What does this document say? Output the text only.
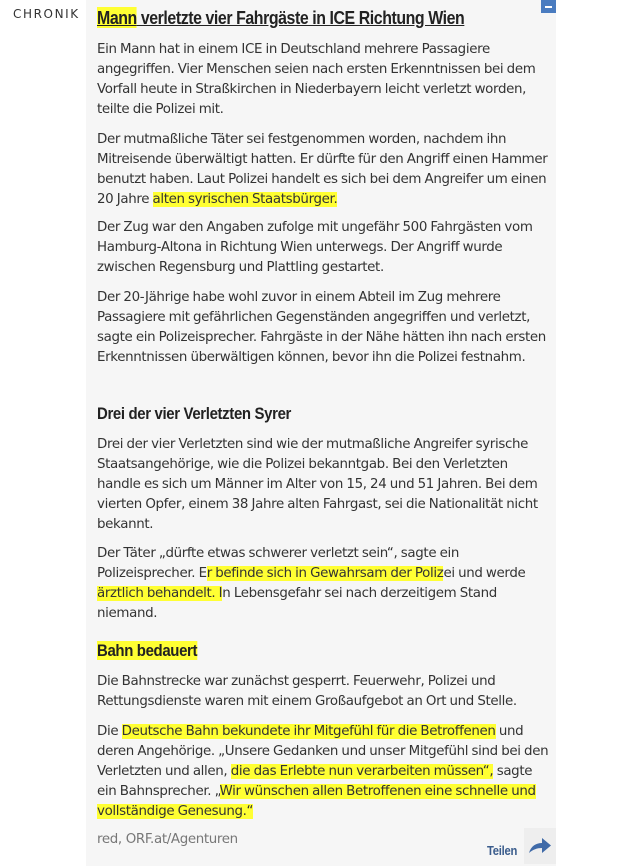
CHRONIK Mann verletzte vier Fahrgäste in ICE Richtung Wien

Ein Mann hat in einem ICE in Deutschland mehrere Passagiere angegriffen. Vier Menschen seien nach ersten Erkenntnissen bei dem Vorfall heute in Straßkirchen in Niederbayern leicht verletzt worden, teilte die Polizei mit.

Der mutmaßliche Täter sei festgenommen worden, nachdem ihn Mitreisende überwältigt hatten. Er dürfte für den Angriff einen Hammer benutzt haben. Laut Polizei handelt es sich bei dem Angreifer um einen 20 Jahre alten syrischen Staatsbürger.

Der Zug war den Angaben zufolge mit ungefähr 500 Fahrgästen vom Hamburg-Altona in Richtung Wien unterwegs. Der Angriff wurde zwischen Regensburg und Plattling gestartet.

Der 20-Jährige habe wohl zuvor in einem Abteil im Zug mehrere Passagiere mit gefährlichen Gegenständen angegriffen und verletzt, sagte ein Polizeisprecher. Fahrgäste in der Nähe hätten ihn nach ersten Erkenntnissen überwältigen können, bevor ihn die Polizei festnahm.

Drei der vier Verletzten Syrer

Drei der vier Verletzten sind wie der mutmaßliche Angreifer syrische Staatsangehörige, wie die Polizei bekanntgab. Bei den Verletzten handle es sich um Männer im Alter von 15, 24 und 51 Jahren. Bei dem vierten Opfer, einem 38 Jahre alten Fahrgast, sei die Nationalität nicht bekannt.

Der Täter „dürfte etwas schwerer verletzt sein“, sagte ein Polizeisprecher. Er befinde sich in Gewahrsam der Polizei und werde ärztlich behandelt. In Lebensgefahr sei nach derzeitigem Stand niemand.

Bahn bedauert

Die Bahnstrecke war zunächst gesperrt. Feuerwehr, Polizei und Rettungsdienste waren mit einem Großaufgebot an Ort und Stelle.

Die Deutsche Bahn bekundete ihr Mitgefühl für die Betroffenen und deren Angehörige. „Unsere Gedanken und unser Mitgefühl sind bei den Verletzten und allen, die das Erlebte nun verarbeiten müssen“, sagte ein Bahnsprecher. „Wir wünschen allen Betroffenen eine schnelle und vollständige Genesung.“

red, ORF.at/Agenturen
Teilen
